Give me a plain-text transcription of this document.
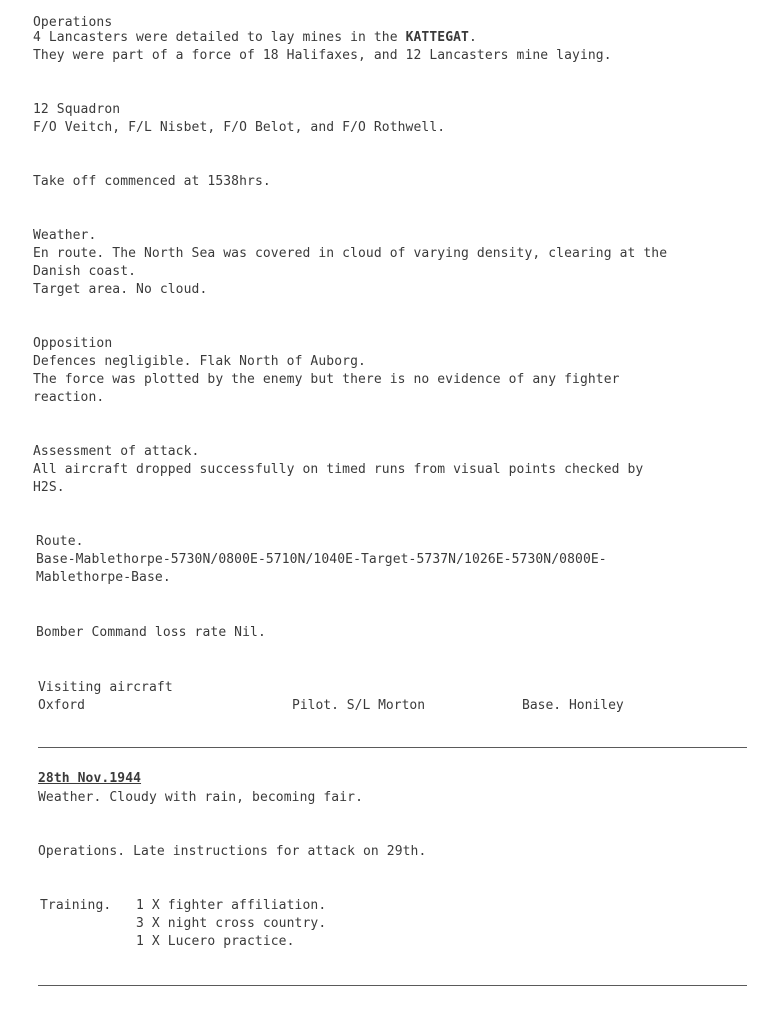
Operations
4 Lancasters were detailed to lay mines in the KATTEGAT.
They were part of a force of 18 Halifaxes, and 12 Lancasters mine laying.
12 Squadron
F/O Veitch, F/L Nisbet, F/O Belot, and F/O Rothwell.
Take off commenced at 1538hrs.
Weather.
En route. The North Sea was covered in cloud of varying density, clearing at the
Danish coast.
Target area. No cloud.
Opposition
Defences negligible. Flak North of Auborg.
The force was plotted by the enemy but there is no evidence of any fighter
reaction.
Assessment of attack.
All aircraft dropped successfully on timed runs from visual points checked by
H2S.
Route.
Base-Mablethorpe-5730N/0800E-5710N/1040E-Target-5737N/1026E-5730N/0800E-
Mablethorpe-Base.
Bomber Command loss rate Nil.
Visiting aircraft
Oxford	Pilot. S/L Morton	Base. Honiley
28th Nov.1944
Weather. Cloudy with rain, becoming fair.
Operations. Late instructions for attack on 29th.
Training. 1 X fighter affiliation.
3 X night cross country.
1 X Lucero practice.
